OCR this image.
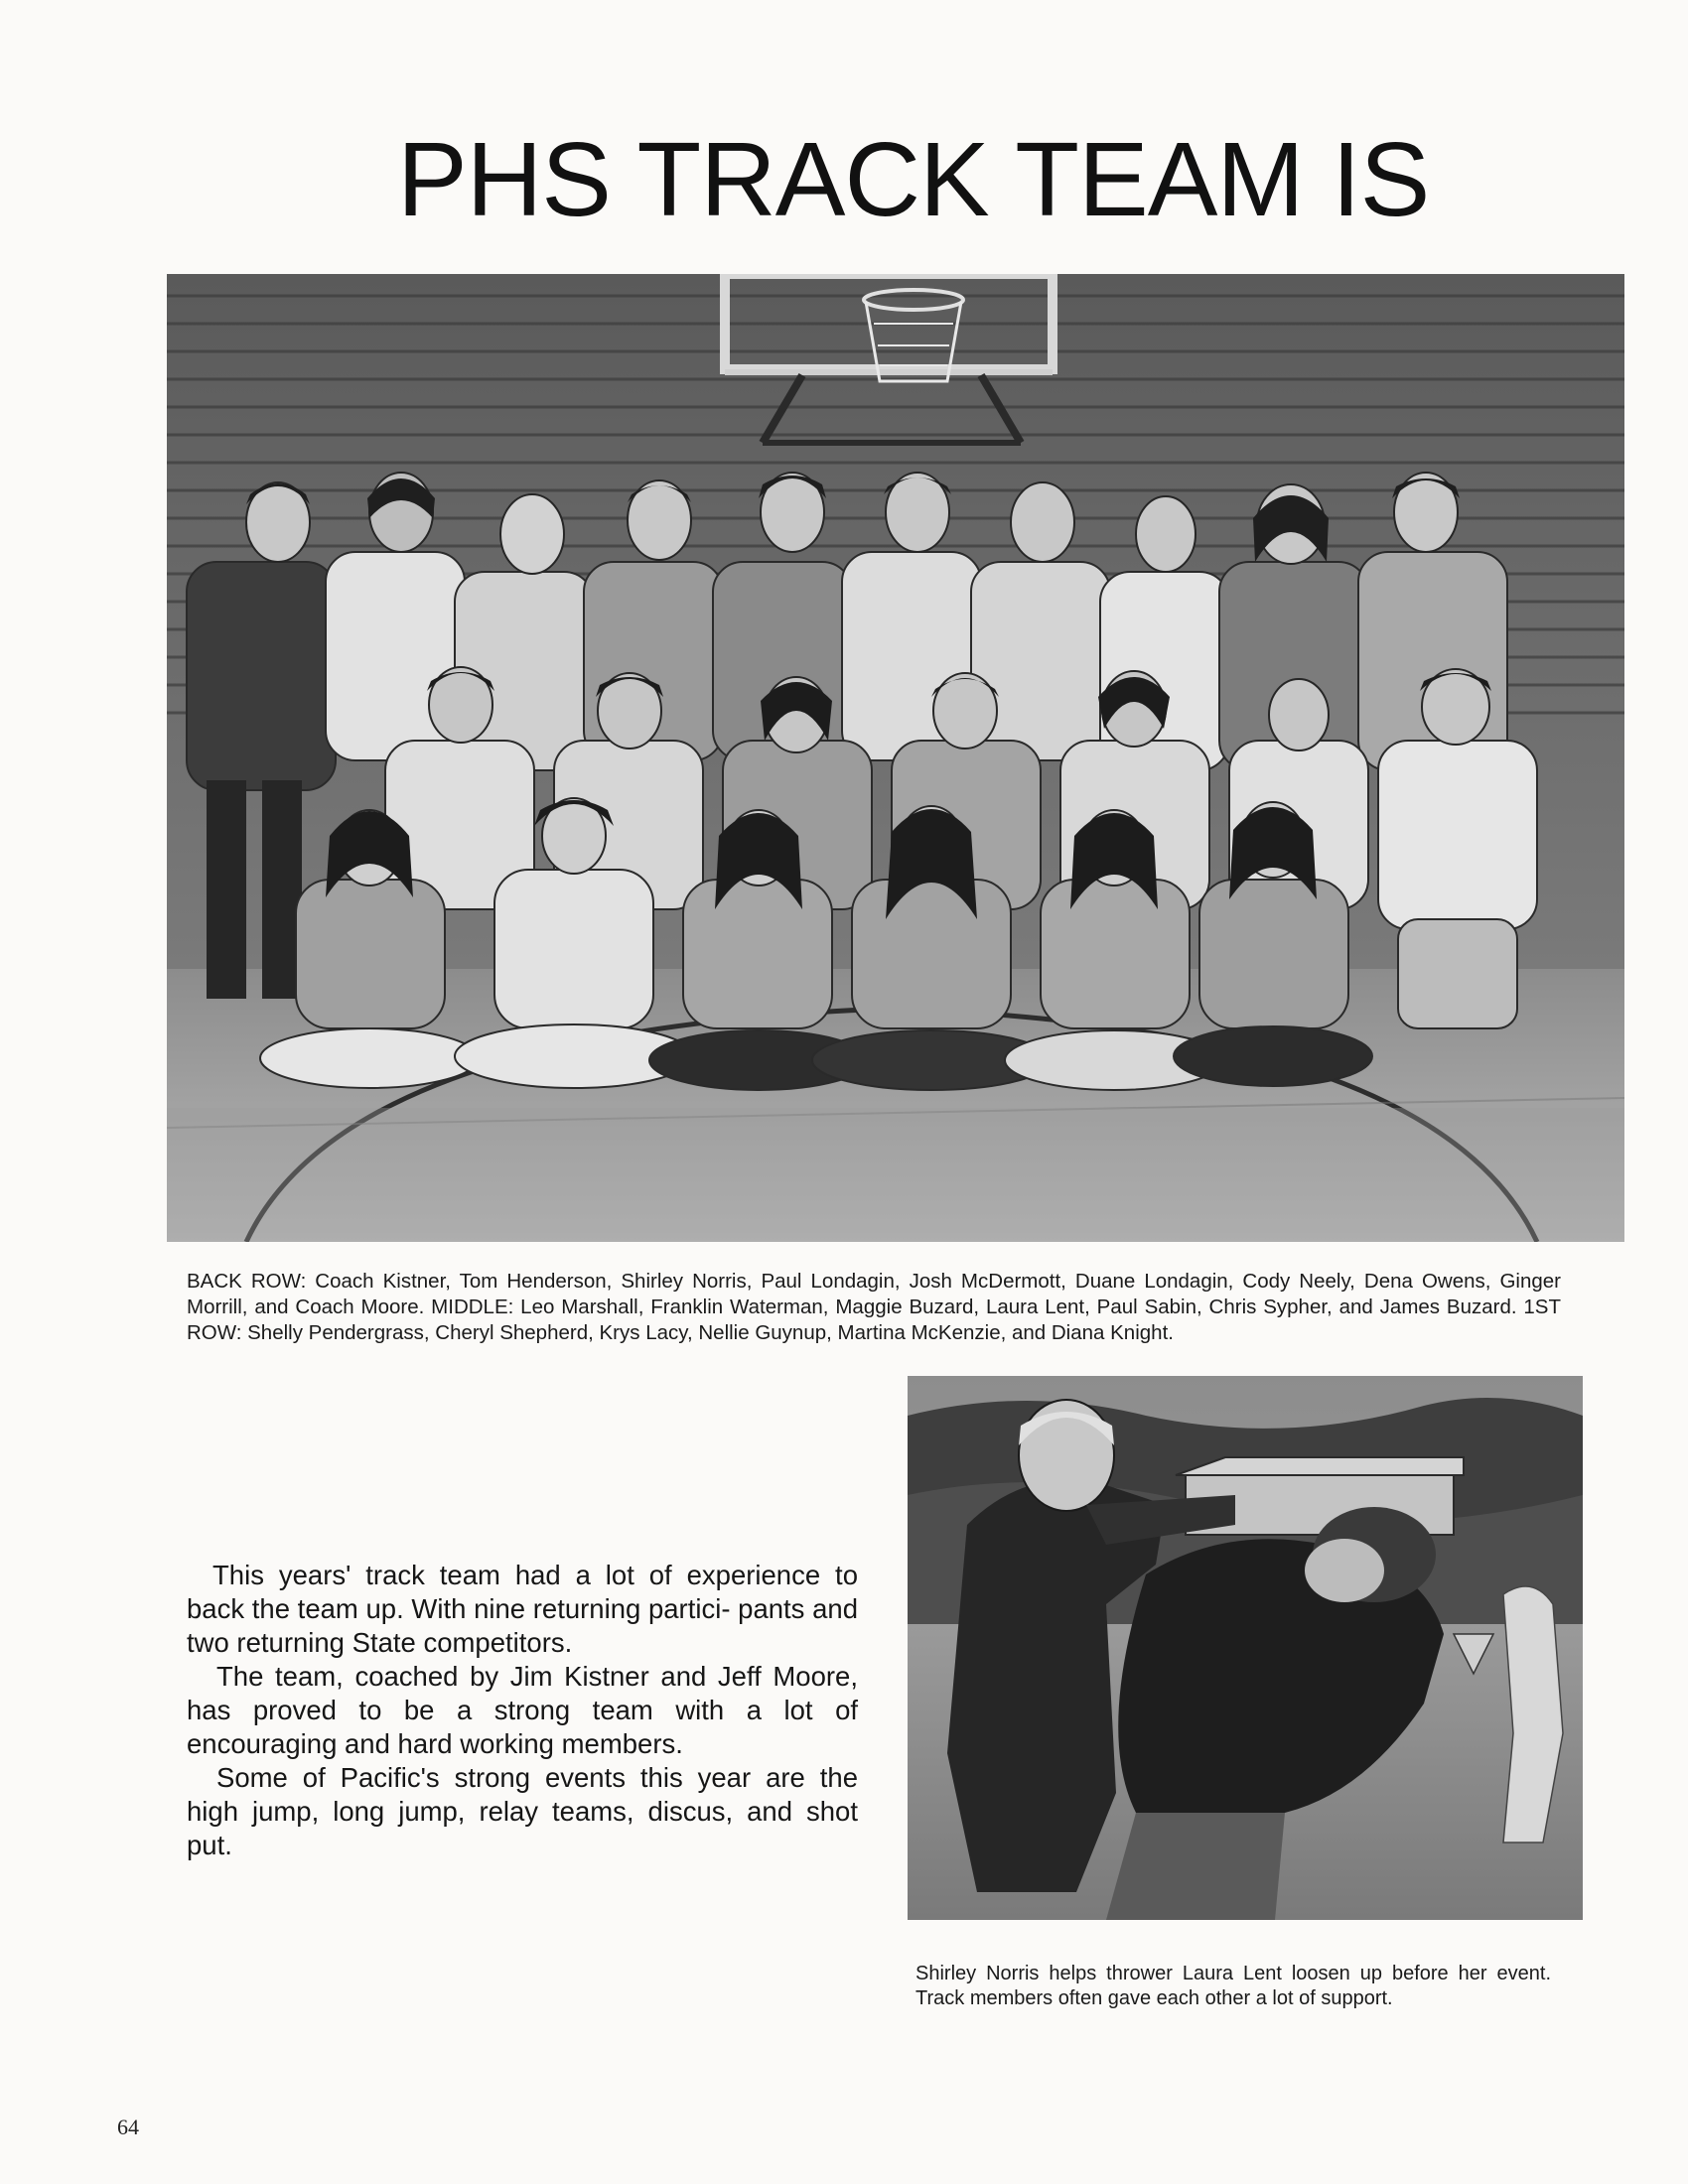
PHS TRACK TEAM IS
BACK ROW: Coach Kistner, Tom Henderson, Shirley Norris, Paul Londagin, Josh McDermott, Duane Londagin, Cody Neely, Dena Owens, Ginger Morrill, and Coach Moore. MIDDLE: Leo Marshall, Franklin Waterman, Maggie Buzard, Laura Lent, Paul Sabin, Chris Sypher, and James Buzard. 1ST ROW: Shelly Pendergrass, Cheryl Shepherd, Krys Lacy, Nellie Guynup, Martina McKenzie, and Diana Knight.

This years' track team had a lot of experience to back the team up. With nine returning partici- pants and two returning State competitors.

The team, coached by Jim Kistner and Jeff Moore, has proved to be a strong team with a lot of encouraging and hard working members.

Some of Pacific's strong events this year are the high jump, long jump, relay teams, discus, and shot put.

Shirley Norris helps thrower Laura Lent loosen up before her event. Track members often gave each other a lot of support.
64
